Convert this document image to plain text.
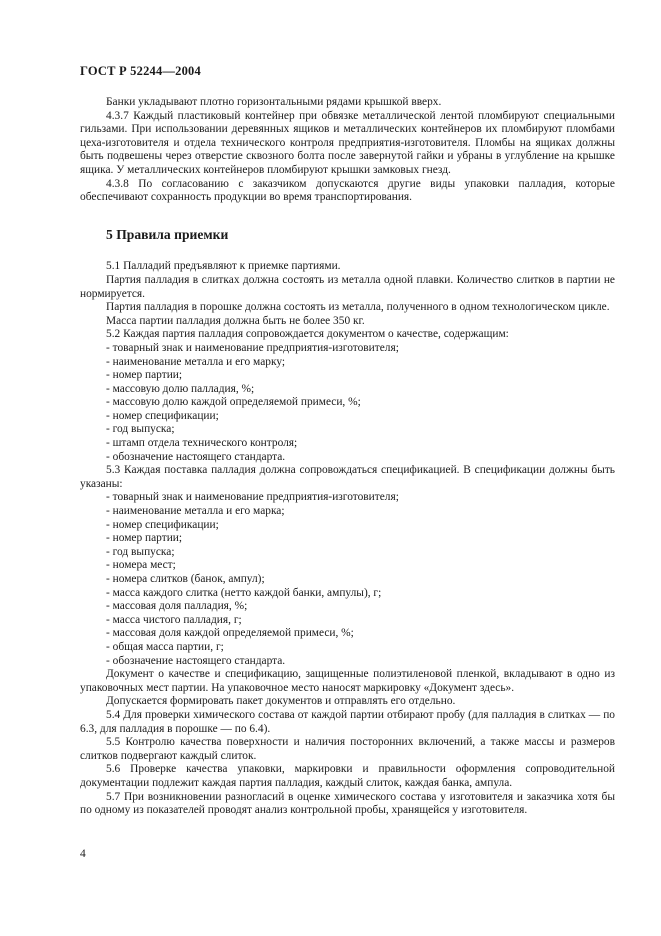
ГОСТ Р 52244—2004

Банки укладывают плотно горизонтальными рядами крышкой вверх.

4.3.7 Каждый пластиковый контейнер при обвязке металлической лентой пломбируют специальными гильзами. При использовании деревянных ящиков и металлических контейнеров их пломбируют пломбами цеха-изготовителя и отдела технического контроля предприятия-изготовителя. Пломбы на ящиках должны быть подвешены через отверстие сквозного болта после завернутой гайки и убраны в углубление на крышке ящика. У металлических контейнеров пломбируют крышки замковых гнезд.

4.3.8 По согласованию с заказчиком допускаются другие виды упаковки палладия, которые обеспечивают сохранность продукции во время транспортирования.

5 Правила приемки

5.1 Палладий предъявляют к приемке партиями.

Партия палладия в слитках должна состоять из металла одной плавки. Количество слитков в партии не нормируется.

Партия палладия в порошке должна состоять из металла, полученного в одном технологическом цикле.

Масса партии палладия должна быть не более 350 кг.

5.2 Каждая партия палладия сопровождается документом о качестве, содержащим:

- товарный знак и наименование предприятия-изготовителя;

- наименование металла и его марку;

- номер партии;

- массовую долю палладия, %;

- массовую долю каждой определяемой примеси, %;

- номер спецификации;

- год выпуска;

- штамп отдела технического контроля;

- обозначение настоящего стандарта.

5.3 Каждая поставка палладия должна сопровождаться спецификацией. В спецификации должны быть указаны:

- товарный знак и наименование предприятия-изготовителя;

- наименование металла и его марка;

- номер спецификации;

- номер партии;

- год выпуска;

- номера мест;

- номера слитков (банок, ампул);

- масса каждого слитка (нетто каждой банки, ампулы), г;

- массовая доля палладия, %;

- масса чистого палладия, г;

- массовая доля каждой определяемой примеси, %;

- общая масса партии, г;

- обозначение настоящего стандарта.

Документ о качестве и спецификацию, защищенные полиэтиленовой пленкой, вкладывают в одно из упаковочных мест партии. На упаковочное место наносят маркировку «Документ здесь».

Допускается формировать пакет документов и отправлять его отдельно.

5.4 Для проверки химического состава от каждой партии отбирают пробу (для палладия в слитках — по 6.3, для палладия в порошке — по 6.4).

5.5 Контролю качества поверхности и наличия посторонних включений, а также массы и размеров слитков подвергают каждый слиток.

5.6 Проверке качества упаковки, маркировки и правильности оформления сопроводительной документации подлежит каждая партия палладия, каждый слиток, каждая банка, ампула.

5.7 При возникновении разногласий в оценке химического состава у изготовителя и заказчика хотя бы по одному из показателей проводят анализ контрольной пробы, хранящейся у изготовителя.

4
